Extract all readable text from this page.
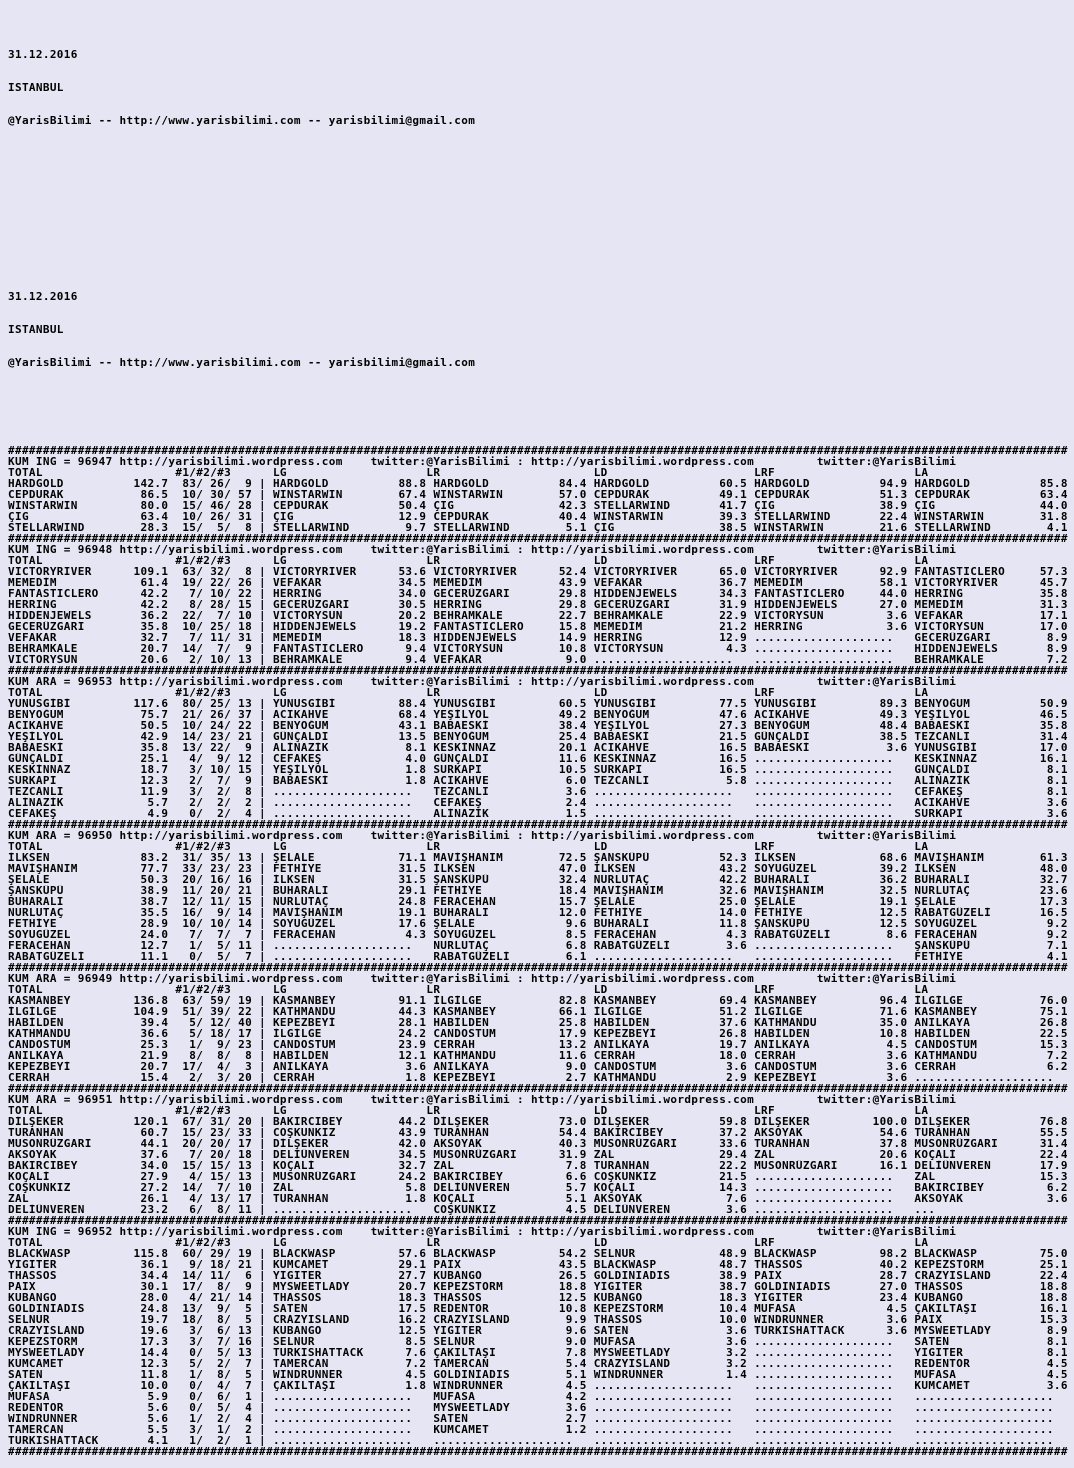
31.12.2016

ISTANBUL

@YarisBilimi -- http://www.yarisbilimi.com -- yarisbilimi@gmail.com

31.12.2016

ISTANBUL

@YarisBilimi -- http://www.yarisbilimi.com -- yarisbilimi@gmail.com

########################################################################################################################################################
KUM ING = 96947 http://yarisbilimi.wordpress.com    twitter:@YarisBilimi : http://yarisbilimi.wordpress.com         twitter:@YarisBilimi
TOTAL                   #1/#2/#3      LG                    LR                      LD                     LRF                    LA
HARDGOLD          142.7  83/ 26/  9 | HARDGOLD          88.8 HARDGOLD          84.4 HARDGOLD          60.5 HARDGOLD          94.9 HARDGOLD          85.8
CEPDURAK           86.5  10/ 30/ 57 | WINSTARWIN        67.4 WINSTARWIN        57.0 CEPDURAK          49.1 CEPDURAK          51.3 CEPDURAK          63.4
WINSTARWIN         80.0  15/ 46/ 28 | CEPDURAK          50.4 ÇIG               42.3 STELLARWIND       41.7 ÇIG               38.9 ÇIG               44.0
ÇIG                63.4  10/ 26/ 31 | ÇIG               12.9 CEPDURAK          40.4 WINSTARWIN        39.3 STELLARWIND       22.4 WINSTARWIN        31.8
STELLARWIND        28.3  15/  5/  8 | STELLARWIND        9.7 STELLARWIND        5.1 ÇIG               38.5 WINSTARWIN        21.6 STELLARWIND        4.1
########################################################################################################################################################
KUM ING = 96948 http://yarisbilimi.wordpress.com    twitter:@YarisBilimi : http://yarisbilimi.wordpress.com         twitter:@YarisBilimi
TOTAL                   #1/#2/#3      LG                    LR                      LD                     LRF                    LA
VICTORYRIVER      109.1  63/ 32/  8 | VICTORYRIVER      53.6 VICTORYRIVER      52.4 VICTORYRIVER      65.0 VICTORYRIVER      92.9 FANTASTICLERO     57.3
MEMEDİM            61.4  19/ 22/ 26 | VEFAKAR           34.5 MEMEDİM           43.9 VEFAKAR           36.7 MEMEDİM           58.1 VICTORYRIVER      45.7
FANTASTICLERO      42.2   7/ 10/ 22 | HERRING           34.0 GECERÜZGARI       29.8 HIDDENJEWELS      34.3 FANTASTICLERO     44.0 HERRING           35.8
HERRING            42.2   8/ 28/ 15 | GECERÜZGARI       30.5 HERRING           29.8 GECERÜZGARI       31.9 HIDDENJEWELS      27.0 MEMEDİM           31.3
HIDDENJEWELS       36.2  22/  7/ 10 | VICTORYSUN        20.2 BEHRAMKALE        22.7 BEHRAMKALE        22.9 VICTORYSUN         3.6 VEFAKAR           17.1
GECERÜZGARI        35.8  10/ 25/ 18 | HIDDENJEWELS      19.2 FANTASTICLERO     15.8 MEMEDİM           21.2 HERRING            3.6 VICTORYSUN        17.0
VEFAKAR            32.7   7/ 11/ 31 | MEMEDİM           18.3 HIDDENJEWELS      14.9 HERRING           12.9 ....................   GECERÜZGARI        8.9
BEHRAMKALE         20.7  14/  7/  9 | FANTASTICLERO      9.4 VICTORYSUN        10.8 VICTORYSUN         4.3 ....................   HIDDENJEWELS       8.9
VICTORYSUN         20.6   2/ 10/ 13 | BEHRAMKALE         9.4 VEFAKAR            9.0 ....................   ....................   BEHRAMKALE         7.2
########################################################################################################################################################
KUM ARA = 96953 http://yarisbilimi.wordpress.com    twitter:@YarisBilimi : http://yarisbilimi.wordpress.com         twitter:@YarisBilimi
TOTAL                   #1/#2/#3      LG                    LR                      LD                     LRF                    LA
YUNUSGİBİ         117.6  80/ 25/ 13 | YUNUSGİBİ         88.4 YUNUSGİBİ         60.5 YUNUSGİBİ         77.5 YUNUSGİBİ         89.3 BENYOĞUM          50.9
BENYOĞUM           75.7  21/ 26/ 37 | ACIKAHVE          68.4 YEŞİLYOL          49.2 BENYOĞUM          47.6 ACIKAHVE          49.3 YEŞİLYOL          46.5
ACIKAHVE           50.5  10/ 24/ 22 | BENYOĞUM          43.1 BABAESKİ          38.4 YEŞİLYOL          27.3 BENYOĞUM          48.4 BABAESKİ          35.8
YEŞİLYOL           42.9  14/ 23/ 21 | GÜNÇALDI          13.5 BENYOĞUM          25.4 BABAESKİ          21.5 GÜNÇALDI          38.5 TEZCANLI          31.4
BABAESKİ           35.8  13/ 22/  9 | ALİNAZİK           8.1 KESKİNNAZ         20.1 ACIKAHVE          16.5 BABAESKİ           3.6 YUNUSGİBİ         17.0
GÜNÇALDI           25.1   4/  9/ 12 | CEFAKEŞ            4.0 GÜNÇALDI          11.6 KESKİNNAZ         16.5 ....................   KESKİNNAZ         16.1
KESKİNNAZ          18.7   3/ 10/ 15 | YEŞİLYOL           1.8 SURKAPI           10.5 SURKAPI           16.5 ....................   GÜNÇALDI           8.1
SURKAPI            12.3   2/  7/  9 | BABAESKİ           1.8 ACIKAHVE           6.0 TEZCANLI           5.8 ....................   ALİNAZİK           8.1
TEZCANLI           11.9   3/  2/  8 | ....................   TEZCANLI           3.6 ....................   ....................   CEFAKEŞ            8.1
ALİNAZİK            5.7   2/  2/  2 | ....................   CEFAKEŞ            2.4 ....................   ....................   ACIKAHVE           3.6
CEFAKEŞ             4.9   0/  2/  4 | ....................   ALİNAZİK           1.5 ....................   ....................   SURKAPI            3.6
########################################################################################################################################################
KUM ARA = 96950 http://yarisbilimi.wordpress.com    twitter:@YarisBilimi : http://yarisbilimi.wordpress.com         twitter:@YarisBilimi
TOTAL                   #1/#2/#3      LG                    LR                      LD                     LRF                    LA
İLKSEN             83.2  31/ 35/ 13 | ŞELALE            71.1 MAVİŞHANIM        72.5 ŞANSKÜPÜ          52.3 İLKSEN            68.6 MAVİŞHANIM        61.3
MAVİŞHANIM         77.7  33/ 23/ 23 | FETHİYE           31.5 İLKSEN            47.0 İLKSEN            43.2 SOYUGÜZEL         39.2 İLKSEN            48.0
ŞELALE             50.3  20/ 16/ 16 | İLKSEN            31.5 ŞANSKÜPÜ          32.4 NURLUTAÇ          42.2 BUHARALI          36.2 BUHARALI          32.7
ŞANSKÜPÜ           38.9  11/ 20/ 21 | BUHARALI          29.1 FETHİYE           18.4 MAVİŞHANIM        32.6 MAVİŞHANIM        32.5 NURLUTAÇ          23.6
BUHARALI           38.7  12/ 11/ 15 | NURLUTAÇ          24.8 FERACEHAN         15.7 ŞELALE            25.0 ŞELALE            19.1 ŞELALE            17.3
NURLUTAÇ           35.5  16/  9/ 14 | MAVİŞHANIM        19.1 BUHARALI          12.0 FETHİYE           14.0 FETHİYE           12.5 RABATGÜZELİ       16.5
FETHİYE            28.9  10/ 10/ 14 | SOYUGÜZEL         17.6 ŞELALE             9.6 BUHARALI          11.8 ŞANSKÜPÜ          12.5 SOYUGÜZEL          9.2
SOYUGÜZEL          24.0   7/  7/  7 | FERACEHAN          4.3 SOYUGÜZEL          8.5 FERACEHAN          4.3 RABATGÜZELİ        8.6 FERACEHAN          9.2
FERACEHAN          12.7   1/  5/ 11 | ....................   NURLUTAÇ           6.8 RABATGÜZELİ        3.6 ....................   ŞANSKÜPÜ           7.1
RABATGÜZELİ        11.1   0/  5/  7 | ....................   RABATGÜZELİ        6.1 ....................   ....................   FETHİYE            4.1
########################################################################################################################################################
KUM ARA = 96949 http://yarisbilimi.wordpress.com    twitter:@YarisBilimi : http://yarisbilimi.wordpress.com         twitter:@YarisBilimi
TOTAL                   #1/#2/#3      LG                    LR                      LD                     LRF                    LA
KASMANBEY         136.8  63/ 59/ 19 | KASMANBEY         91.1 İLGİLGE           82.8 KASMANBEY         69.4 KASMANBEY         96.4 İLGİLGE           76.0
İLGİLGE           104.9  51/ 39/ 22 | KATHMANDU         44.3 KASMANBEY         66.1 İLGİLGE           51.2 İLGİLGE           71.6 KASMANBEY         75.1
HABİLDEN           39.4   5/ 12/ 40 | KEPEZBEYİ         28.1 HABİLDEN          25.8 HABİLDEN          37.6 KATHMANDU         35.0 ANILKAYA          26.8
KATHMANDU          36.6   5/ 18/ 17 | İLGİLGE           24.2 CANDOSTUM         17.9 KEPEZBEYİ         26.8 HABİLDEN          10.8 HABİLDEN          22.5
CANDOSTUM          25.3   1/  9/ 23 | CANDOSTUM         23.9 CERRAH            13.2 ANILKAYA          19.7 ANILKAYA           4.5 CANDOSTUM         15.3
ANILKAYA           21.9   8/  8/  8 | HABİLDEN          12.1 KATHMANDU         11.6 CERRAH            18.0 CERRAH             3.6 KATHMANDU          7.2
KEPEZBEYİ          20.7  17/  4/  3 | ANILKAYA           3.6 ANILKAYA           9.0 CANDOSTUM          3.6 CANDOSTUM          3.6 CERRAH             6.2
CERRAH             15.4   2/  3/ 20 | CERRAH             1.8 KEPEZBEYİ          2.7 KATHMANDU          2.9 KEPEZBEYİ          3.6 ....................
########################################################################################################################################################
KUM ARA = 96951 http://yarisbilimi.wordpress.com    twitter:@YarisBilimi : http://yarisbilimi.wordpress.com         twitter:@YarisBilimi
TOTAL                   #1/#2/#3      LG                    LR                      LD                     LRF                    LA
DİLŞEKER          120.1  67/ 31/ 20 | BAKIRCIBEY        44.2 DİLŞEKER          73.0 DİLŞEKER          59.8 DİLŞEKER         100.0 DİLŞEKER          76.8
TURANHAN           60.7  15/ 23/ 33 | COŞKUNKIZ         43.9 TURANHAN          54.4 BAKIRCIBEY        37.2 AKSOYAK           54.6 TURANHAN          55.5
MUSONRÜZGARI       44.1  20/ 20/ 17 | DİLŞEKER          42.0 AKSOYAK           40.3 MUSONRÜZGARI      33.6 TURANHAN          37.8 MUSONRÜZGARI      31.4
AKSOYAK            37.6   7/ 20/ 18 | DELİÜNVEREN       34.5 MUSONRÜZGARI      31.9 ZAL               29.4 ZAL               20.6 KOÇALİ            22.4
BAKIRCIBEY         34.0  15/ 15/ 13 | KOÇALİ            32.7 ZAL                7.8 TURANHAN          22.2 MUSONRÜZGARI      16.1 DELİÜNVEREN       17.9
KOÇALİ             27.9   4/ 15/ 13 | MUSONRÜZGARI      24.2 BAKIRCIBEY         6.6 COŞKUNKIZ         21.5 ....................   ZAL               15.3
COŞKUNKIZ          27.2  14/  7/ 10 | ZAL                5.8 DELİÜNVEREN        5.7 KOÇALİ            14.3 ....................   BAKIRCIBEY         6.2
ZAL                26.1   4/ 13/ 17 | TURANHAN           1.8 KOÇALİ             5.1 AKSOYAK            7.6 ....................   AKSOYAK            3.6
DELİÜNVEREN        23.2   6/  8/ 11 | ....................   COŞKUNKIZ          4.5 DELİÜNVEREN        3.6 ....................   ...
########################################################################################################################################################
KUM ING = 96952 http://yarisbilimi.wordpress.com    twitter:@YarisBilimi : http://yarisbilimi.wordpress.com         twitter:@YarisBilimi
TOTAL                   #1/#2/#3      LG                    LR                      LD                     LRF                    LA
BLACKWASP         115.8  60/ 29/ 19 | BLACKWASP         57.6 BLACKWASP         54.2 SELNUR            48.9 BLACKWASP         98.2 BLACKWASP         75.0
YIGITER            36.1   9/ 18/ 21 | KUMCAMET          29.1 PAIX              43.5 BLACKWASP         48.7 THASSOS           40.2 KEPEZSTORM        25.1
THASSOS            34.4  14/ 11/  6 | YIGITER           27.7 KUBANGO           26.5 GOLDINIADIS       38.9 PAIX              28.7 CRAZYISLAND       22.4
PAIX               30.1  17/  8/  9 | MYSWEETLADY       20.7 KEPEZSTORM        18.8 YIGITER           38.7 GOLDINIADIS       27.0 THASSOS           18.8
KUBANGO            28.0   4/ 21/ 14 | THASSOS           18.3 THASSOS           12.5 KUBANGO           18.3 YIGITER           23.4 KUBANGO           18.8
GOLDINIADIS        24.8  13/  9/  5 | SATEN             17.5 REDENTOR          10.8 KEPEZSTORM        10.4 MUFASA             4.5 ÇAKILTAŞI         16.1
SELNUR             19.7  18/  8/  5 | CRAZYISLAND       16.2 CRAZYISLAND        9.9 THASSOS           10.0 WINDRUNNER         3.6 PAIX              15.3
CRAZYISLAND        19.6   3/  6/ 13 | KUBANGO           12.5 YIGITER            9.6 SATEN              3.6 TURKISHATTACK      3.6 MYSWEETLADY        8.9
KEPEZSTORM         17.3   3/  7/ 16 | SELNUR             8.5 SELNUR             9.0 MUFASA             3.6 ....................   SATEN              8.1
MYSWEETLADY        14.4   0/  5/ 13 | TURKISHATTACK      7.6 ÇAKILTAŞI          7.8 MYSWEETLADY        3.2 ....................   YIGITER            8.1
KUMCAMET           12.3   5/  2/  7 | TAMERCAN           7.2 TAMERCAN           5.4 CRAZYISLAND        3.2 ....................   REDENTOR           4.5
SATEN              11.8   1/  8/  5 | WINDRUNNER         4.5 GOLDINIADIS        5.1 WINDRUNNER         1.4 ....................   MUFASA             4.5
ÇAKILTAŞI          10.0   0/  4/  7 | ÇAKILTAŞI          1.8 WINDRUNNER         4.5 ....................   ....................   KUMCAMET           3.6
MUFASA              5.9   0/  6/  1 | ....................   MUFASA             4.2 ....................   ....................   ....................
REDENTOR            5.6   0/  5/  4 | ....................   MYSWEETLADY        3.6 ....................   ....................   ....................
WINDRUNNER          5.6   1/  2/  4 | ....................   SATEN              2.7 ....................   ....................   ....................
TAMERCAN            5.5   3/  1/  2 | ....................   KUMCAMET           1.2 ....................   ....................   ....................
TURKISHATTACK       4.1   1/  2/  1 | ....................   ....................   ....................   ....................   ....................
########################################################################################################################################################
